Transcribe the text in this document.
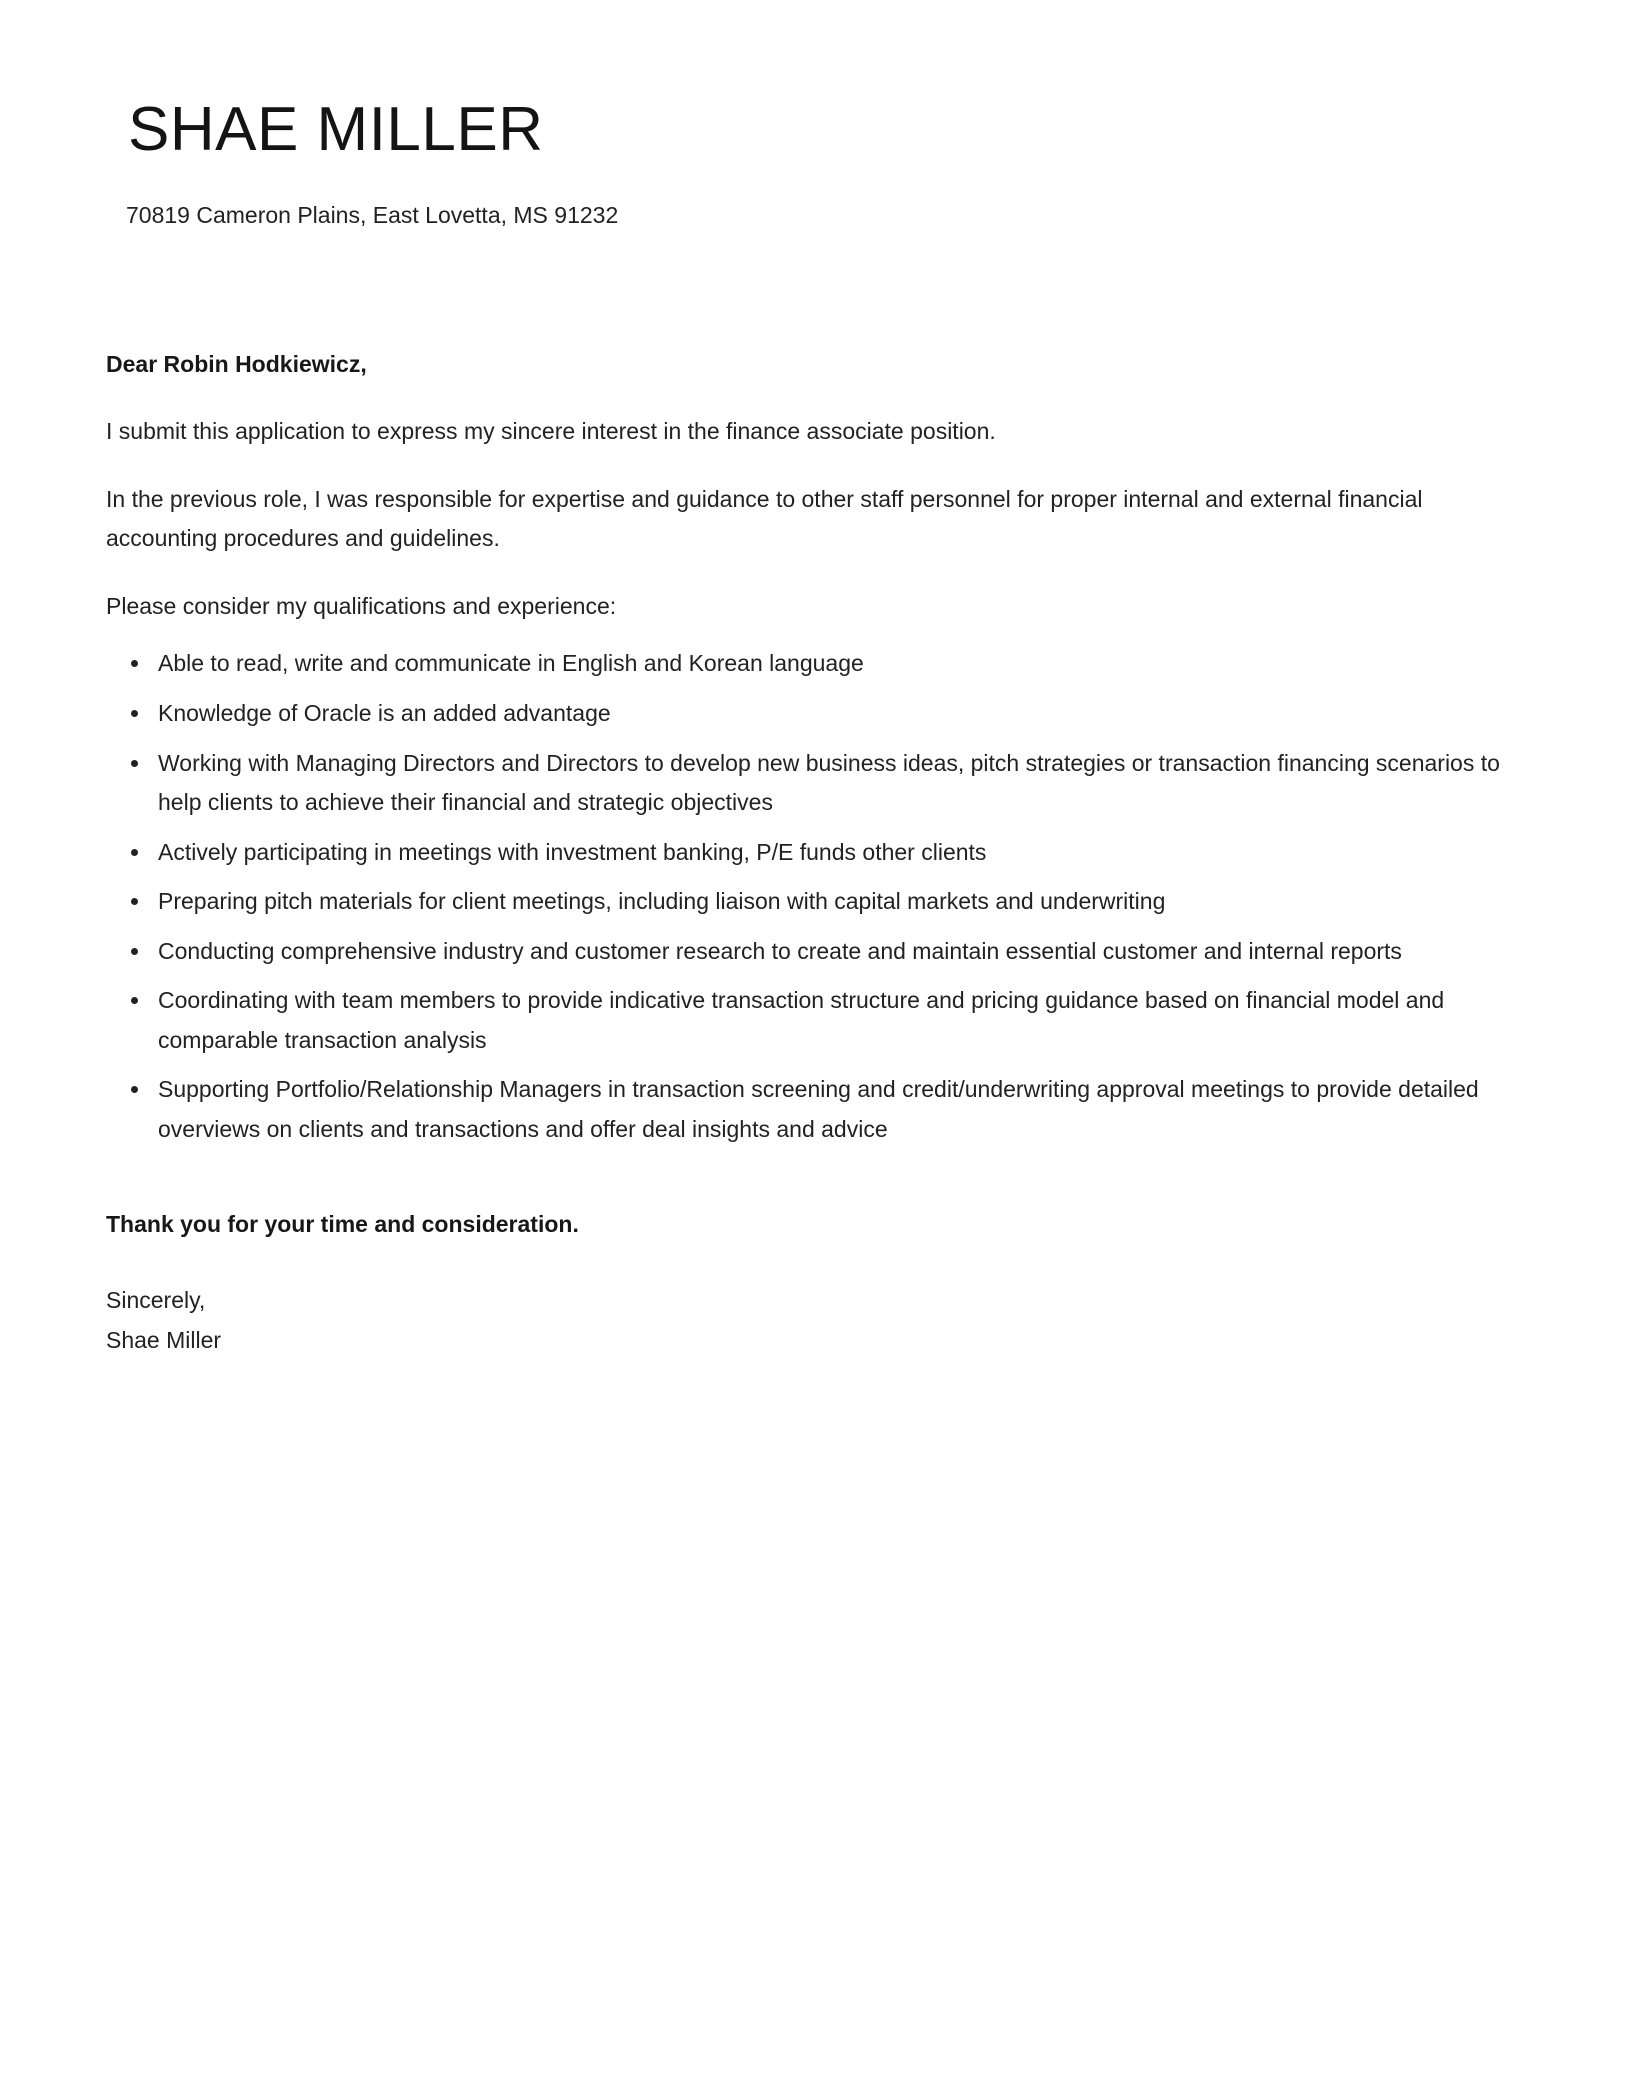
SHAE MILLER
70819 Cameron Plains, East Lovetta, MS 91232
Dear Robin Hodkiewicz,

I submit this application to express my sincere interest in the finance associate position.

In the previous role, I was responsible for expertise and guidance to other staff personnel for proper internal and external financial accounting procedures and guidelines.

Please consider my qualifications and experience:

• Able to read, write and communicate in English and Korean language
• Knowledge of Oracle is an added advantage
• Working with Managing Directors and Directors to develop new business ideas, pitch strategies or transaction financing scenarios to help clients to achieve their financial and strategic objectives
• Actively participating in meetings with investment banking, P/E funds other clients
• Preparing pitch materials for client meetings, including liaison with capital markets and underwriting
• Conducting comprehensive industry and customer research to create and maintain essential customer and internal reports
• Coordinating with team members to provide indicative transaction structure and pricing guidance based on financial model and comparable transaction analysis
• Supporting Portfolio/Relationship Managers in transaction screening and credit/underwriting approval meetings to provide detailed overviews on clients and transactions and offer deal insights and advice
Thank you for your time and consideration.
Sincerely,
Shae Miller
